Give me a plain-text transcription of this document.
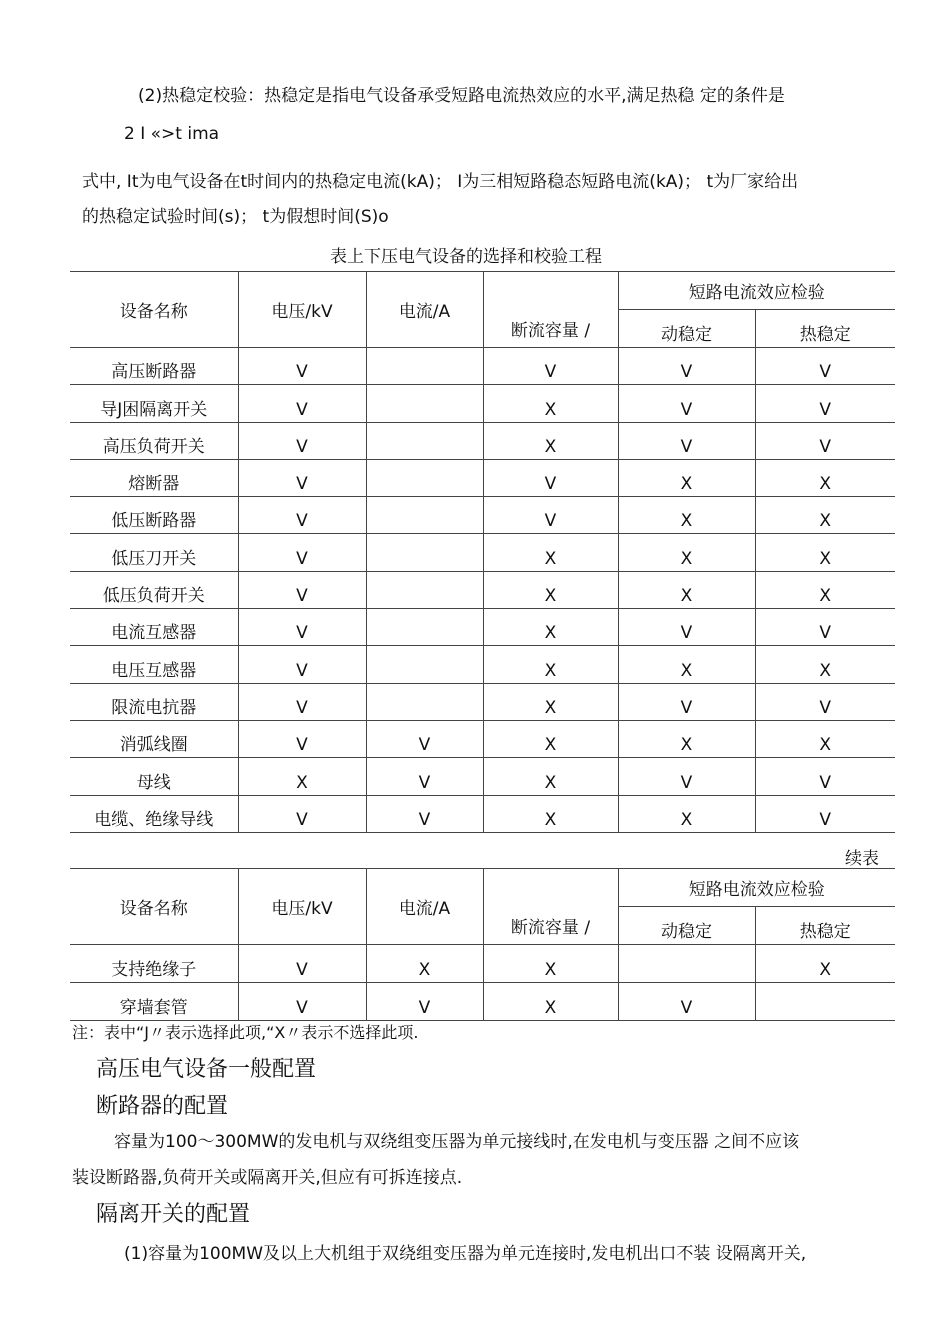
(2)热稳定校验：热稳定是指电气设备承受短路电流热效应的水平,满足热稳 定的条件是
2 I «>t ima
式中, It为电气设备在t时间内的热稳定电流(kA)； I为三相短路稳态短路电流(kA)； t为厂家给出
的热稳定试验时间(s)； t为假想时间(S)o
表上下压电气设备的选择和校验工程
设备名称	电压/kV	电流/A	断流容量 /	短路电流效应检验	
				动稳定	热稳定
高压断路器	V		V	V	V
导J困隔离开关	V		X	V	V
高压负荷开关	V		X	V	V
熔断器	V		V	X	X
低压断路器	V		V	X	X
低压刀开关	V		X	X	X
低压负荷开关	V		X	X	X
电流互感器	V		X	V	V
电压互感器	V		X	X	X
限流电抗器	V		X	V	V
消弧线圈	V	V	X	X	X
母线	X	V	X	V	V
电缆、绝缘导线	V	V	X	X	V
续表
设备名称	电压/kV	电流/A	断流容量 /	短路电流效应检验	
				动稳定	热稳定
支持绝缘子	V	X	X		X
穿墙套管	V	V	X	V	
注：表中“J〃表示选择此项,“X〃表示不选择此项.
高压电气设备一般配置
断路器的配置
容量为100〜300MW的发电机与双绕组变压器为单元接线时,在发电机与变压器 之间不应该
装设断路器,负荷开关或隔离开关,但应有可拆连接点.
隔离开关的配置
(1)容量为100MW及以上大机组于双绕组变压器为单元连接时,发电机出口不装 设隔离开关,
